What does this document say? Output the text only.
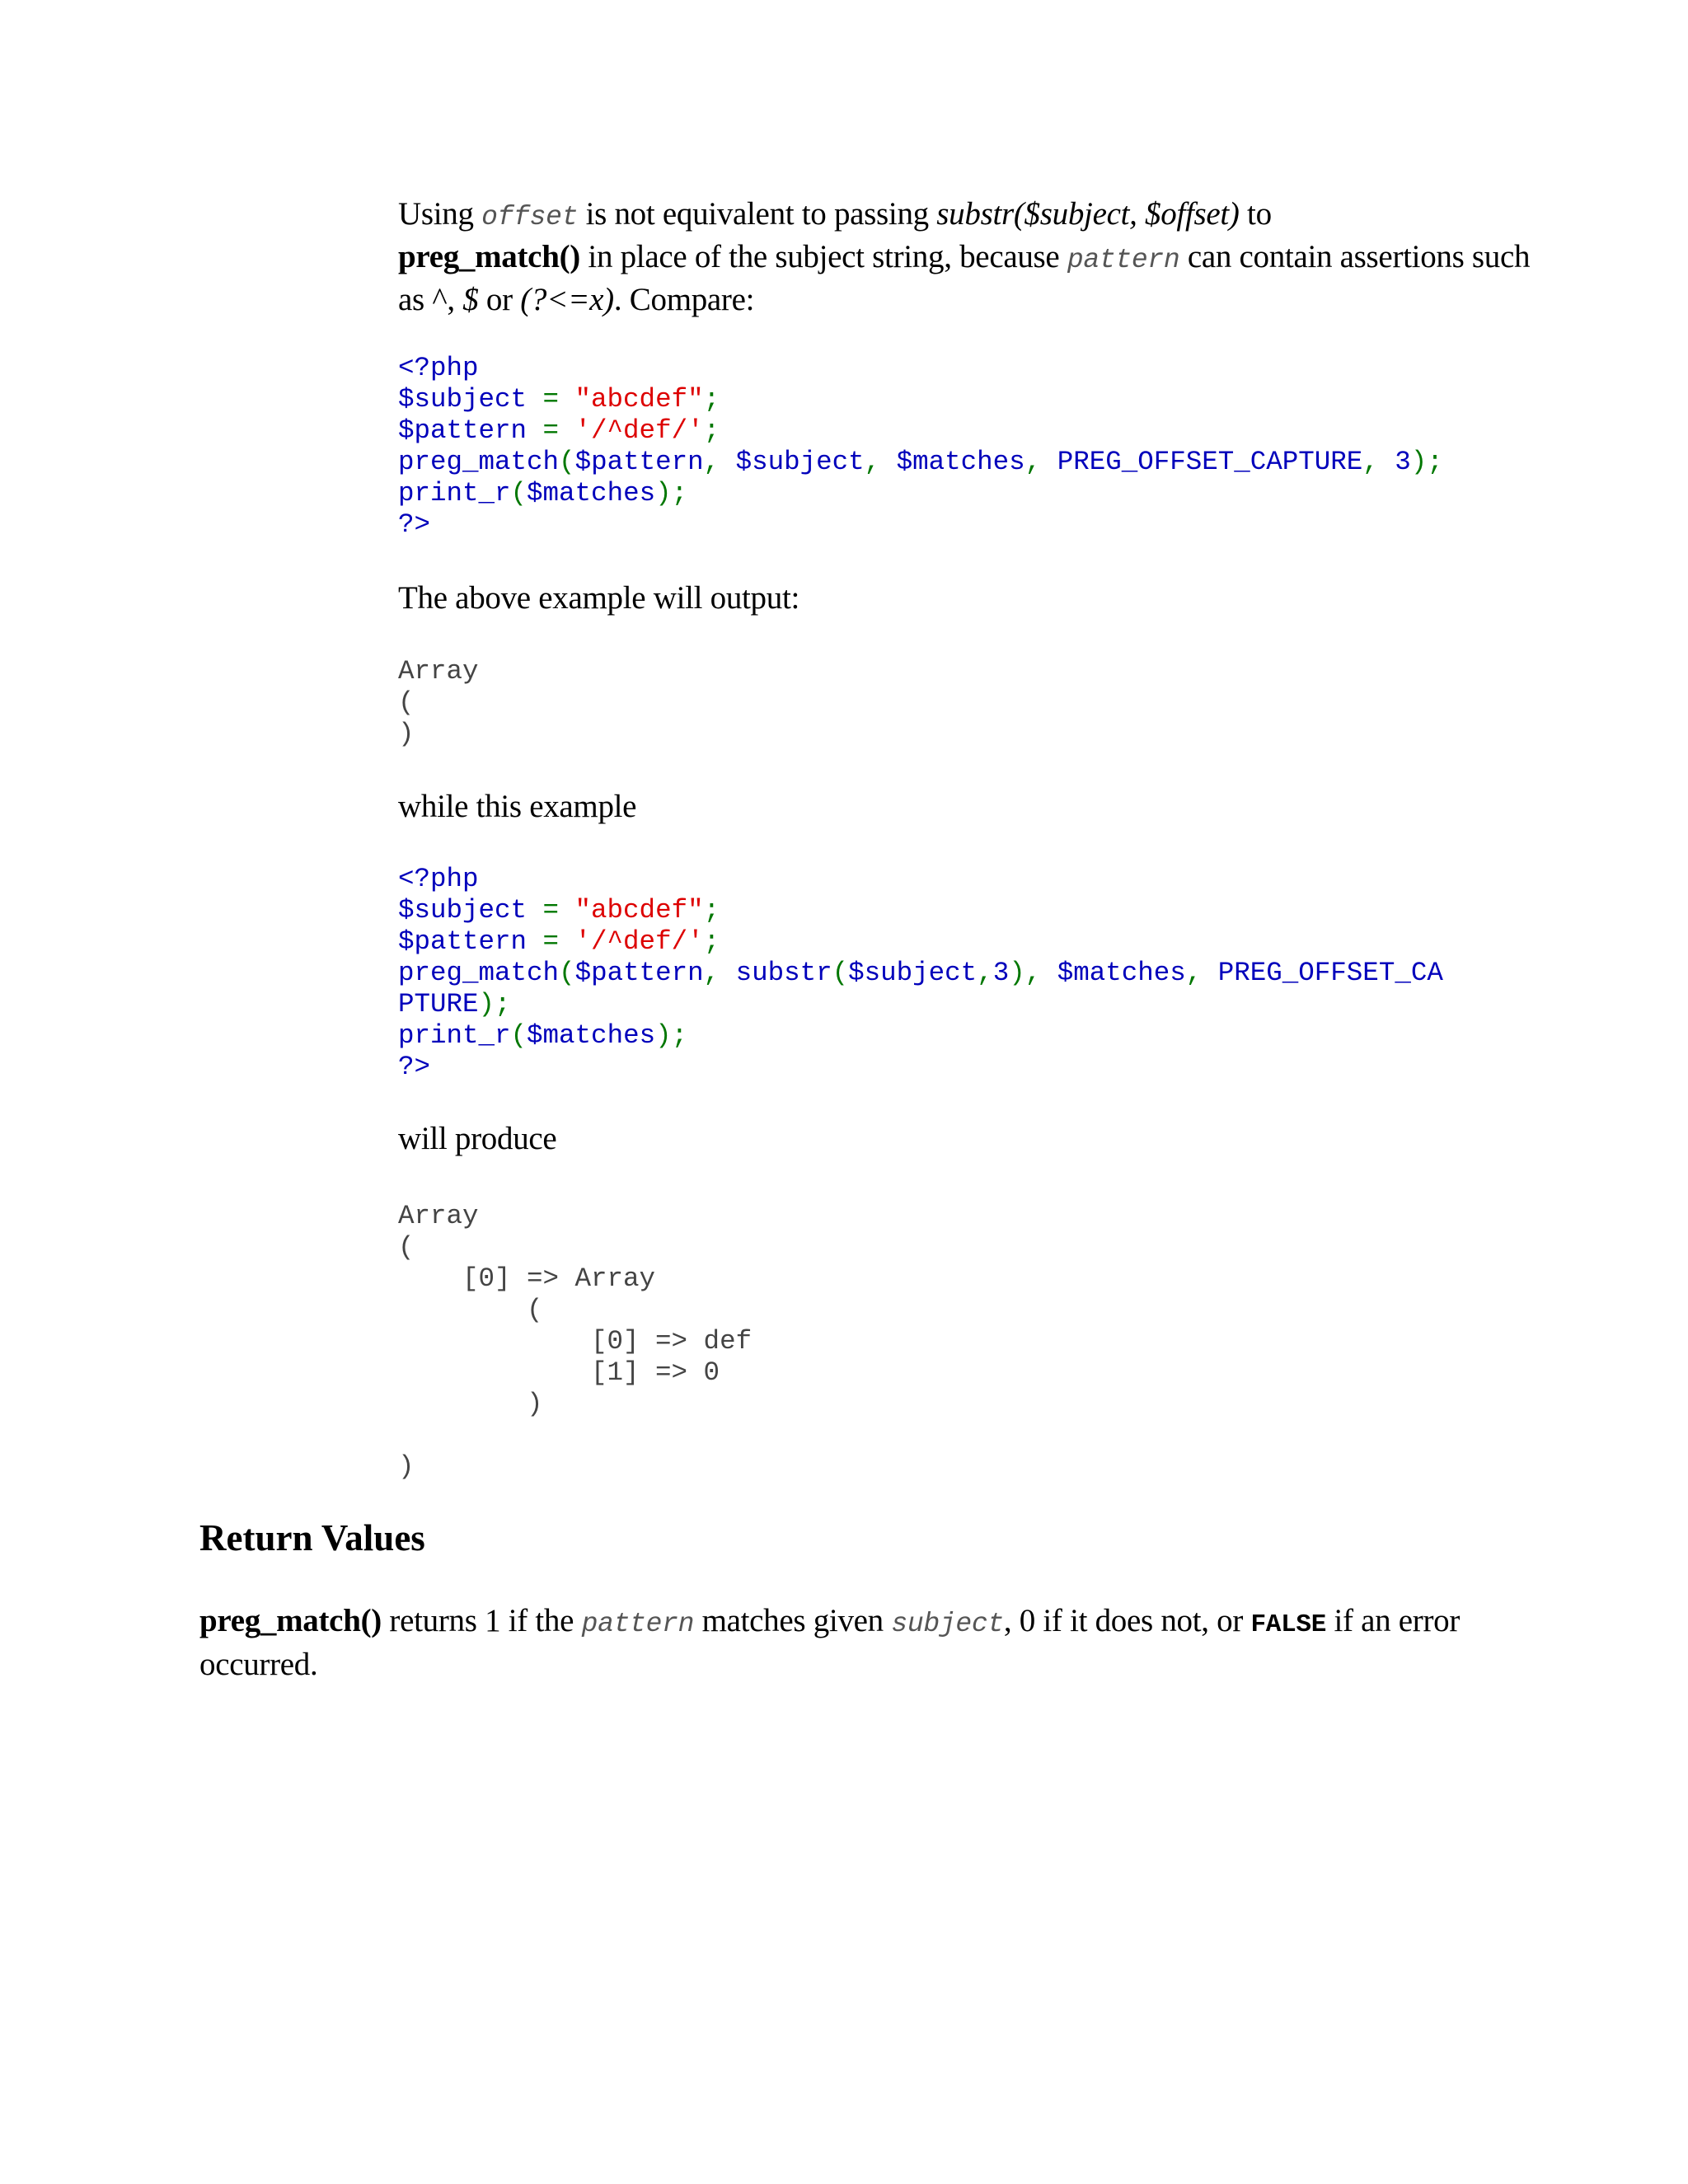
Using offset is not equivalent to passing substr($subject, $offset) to
preg_match() in place of the subject string, because pattern can contain assertions such as ^, $ or (?<=x). Compare:

<?php
$subject = "abcdef";
$pattern = '/^def/';
preg_match($pattern, $subject, $matches, PREG_OFFSET_CAPTURE, 3);
print_r($matches);
?>

The above example will output:

Array
(
)

while this example

<?php
$subject = "abcdef";
$pattern = '/^def/';
preg_match($pattern, substr($subject,3), $matches, PREG_OFFSET_CA
PTURE);
print_r($matches);
?>

will produce

Array
(
[0] => Array
(
[0] => def
[1] => 0
)

)
Return Values

preg_match() returns 1 if the pattern matches given subject, 0 if it does not, or FALSE if an error occurred.
